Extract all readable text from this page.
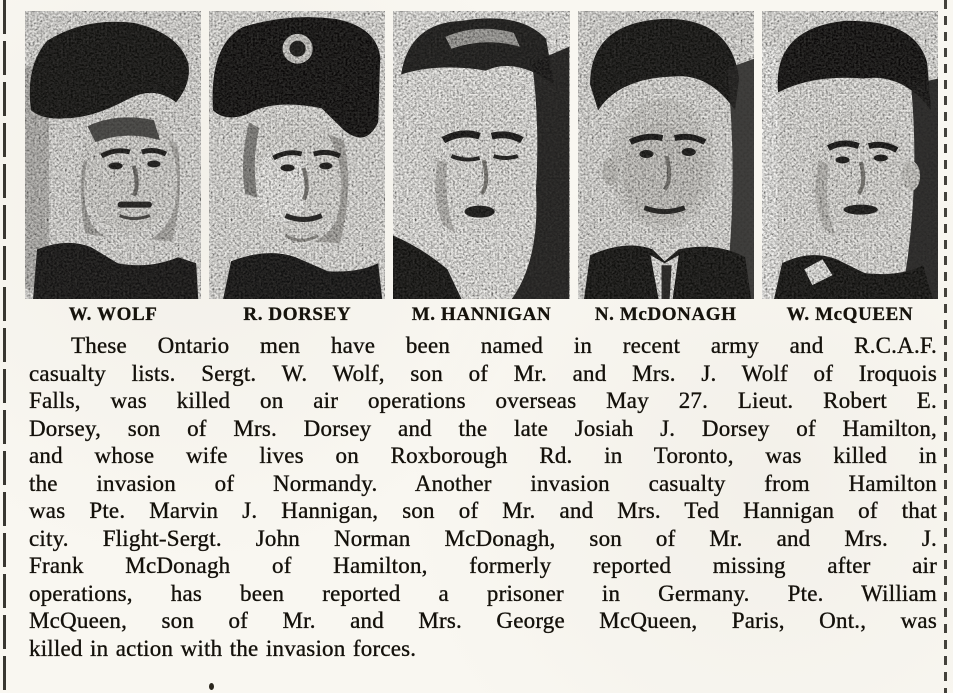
W. WOLF	R. DORSEY	M. HANNIGAN	N. McDONAGH	W. McQUEEN
These Ontario men have been named in recent army and R.C.A.F.
casualty lists. Sergt. W. Wolf, son of Mr. and Mrs. J. Wolf of Iroquois
Falls, was killed on air operations overseas May 27. Lieut. Robert E.
Dorsey, son of Mrs. Dorsey and the late Josiah J. Dorsey of Hamilton,
and whose wife lives on Roxborough Rd. in Toronto, was killed in
the invasion of Normandy. Another invasion casualty from Hamilton
was Pte. Marvin J. Hannigan, son of Mr. and Mrs. Ted Hannigan of that
city. Flight-Sergt. John Norman McDonagh, son of Mr. and Mrs. J.
Frank McDonagh of Hamilton, formerly reported missing after air
operations, has been reported a prisoner in Germany. Pte. William
McQueen, son of Mr. and Mrs. George McQueen, Paris, Ont., was
killed in action with the invasion forces.
